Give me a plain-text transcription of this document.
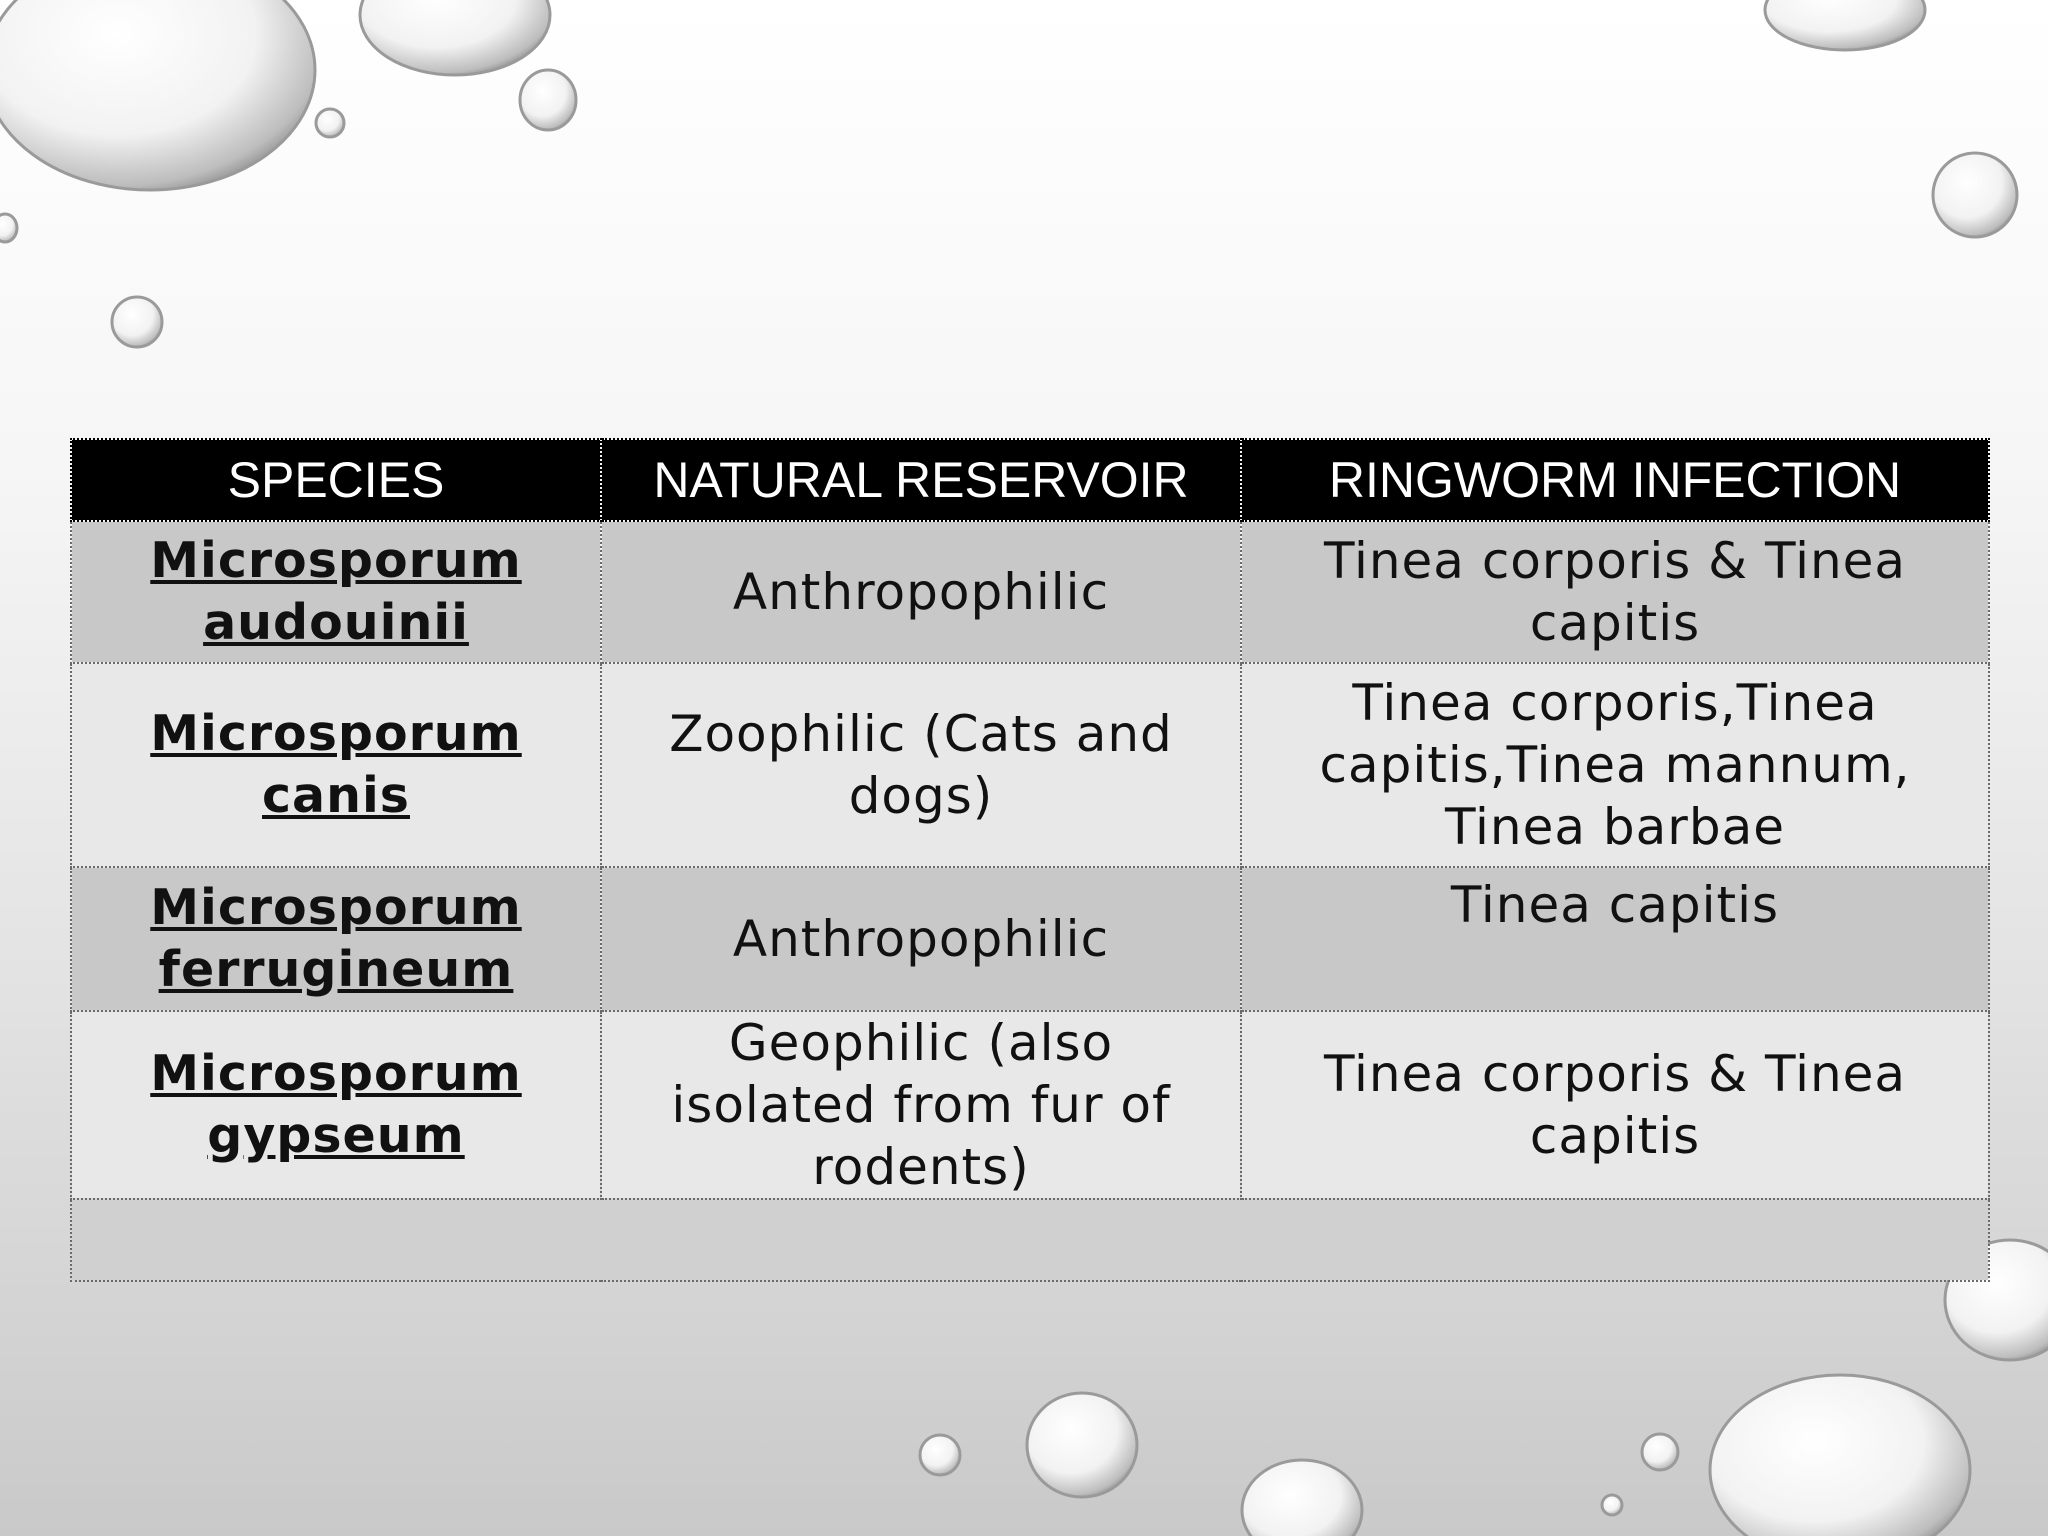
SPECIES	NATURAL RESERVOIR	RINGWORM INFECTION
Microsporum audouinii	Anthropophilic	Tinea corporis & Tinea capitis
Microsporum canis	Zoophilic (Cats and dogs)	Tinea corporis,Tinea capitis,Tinea mannum, Tinea barbae
Microsporum ferrugineum	Anthropophilic	Tinea capitis
Microsporum gypseum	Geophilic (also isolated from fur of rodents)	Tinea corporis & Tinea capitis
